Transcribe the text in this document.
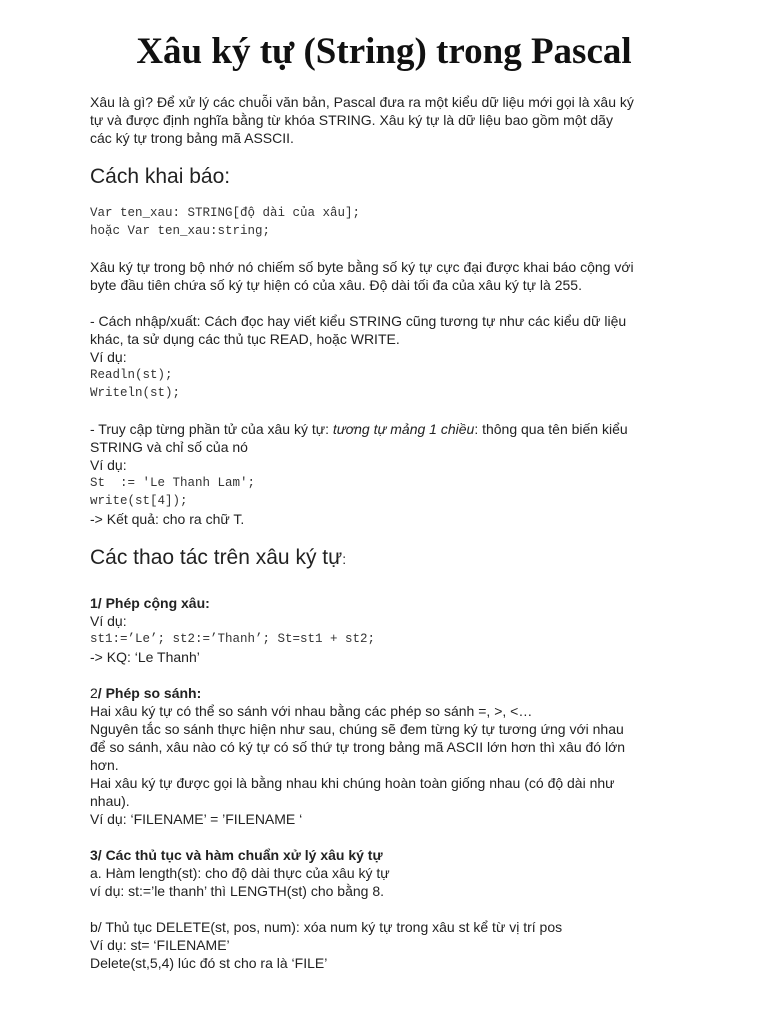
Xâu ký tự (String) trong Pascal

Xâu là gì? Để xử lý các chuỗi văn bản, Pascal đưa ra một kiểu dữ liệu mới gọi là xâu ký

tự và được định nghĩa bằng từ khóa STRING. Xâu ký tự là dữ liệu bao gồm một dãy

các ký tự trong bảng mã ASSCII.

Cách khai báo:

Var ten_xau: STRING[độ dài của xâu];

hoặc Var ten_xau:string;

Xâu ký tự trong bộ nhớ nó chiếm số byte bằng số ký tự cực đại được khai báo cộng với

byte đầu tiên chứa số ký tự hiện có của xâu. Độ dài tối đa của xâu ký tự là 255.

- Cách nhập/xuất: Cách đọc hay viết kiểu STRING cũng tương tự như các kiểu dữ liệu

khác, ta sử dụng các thủ tục READ, hoặc WRITE.

Ví dụ:

Readln(st);

Writeln(st);

- Truy cập từng phần tử của xâu ký tự: tương tự mảng 1 chiều: thông qua tên biến kiểu

STRING và chỉ số của nó

Ví dụ:

St  := 'Le Thanh Lam';

write(st[4]);

-> Kết quả: cho ra chữ T.

Các thao tác trên xâu ký tự:

1/ Phép cộng xâu:

Ví dụ:

st1:=’Le’; st2:=’Thanh’; St=st1 + st2;

-> KQ: ‘Le Thanh’

2/ Phép so sánh:

Hai xâu ký tự có thể so sánh với nhau bằng các phép so sánh =, >, <…

Nguyên tắc so sánh thực hiện như sau, chúng sẽ đem từng ký tự tương ứng với nhau

để so sánh, xâu nào có ký tự có số thứ tự trong bảng mã ASCII lớn hơn thì xâu đó lớn

hơn.

Hai xâu ký tự được gọi là bằng nhau khi chúng hoàn toàn giống nhau (có độ dài như

nhau).

Ví dụ: ‘FILENAME’ = ’FILENAME ‘

3/ Các thủ tục và hàm chuẩn xử lý xâu ký tự

a. Hàm length(st): cho độ dài thực của xâu ký tự

ví dụ: st:=’le thanh’ thì LENGTH(st) cho bằng 8.

b/ Thủ tục DELETE(st, pos, num): xóa num ký tự trong xâu st kể từ vị trí pos

Ví dụ: st= ‘FILENAME’

Delete(st,5,4) lúc đó st cho ra là ‘FILE’
